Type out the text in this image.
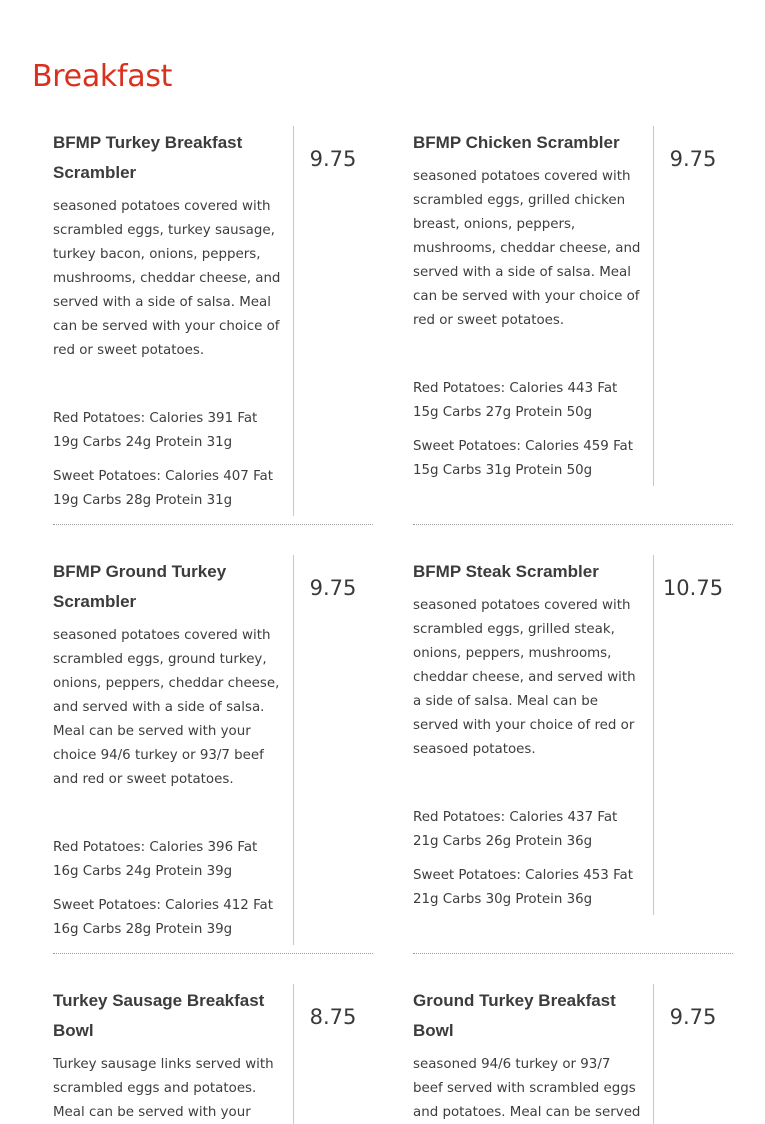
Breakfast
BFMP Turkey Breakfast Scrambler

seasoned potatoes covered with scrambled eggs, turkey sausage, turkey bacon, onions, peppers, mushrooms, cheddar cheese, and served with a side of salsa. Meal can be served with your choice of red or sweet potatoes.

Red Potatoes: Calories 391 Fat 19g Carbs 24g Protein 31g

Sweet Potatoes: Calories 407 Fat 19g Carbs 28g Protein 31g

9.75
BFMP Chicken Scrambler

seasoned potatoes covered with scrambled eggs, grilled chicken breast, onions, peppers, mushrooms, cheddar cheese, and served with a side of salsa. Meal can be served with your choice of red or sweet potatoes.

Red Potatoes: Calories 443 Fat 15g Carbs 27g Protein 50g

Sweet Potatoes: Calories 459 Fat 15g Carbs 31g Protein 50g

9.75
BFMP Ground Turkey Scrambler

seasoned potatoes covered with scrambled eggs, ground turkey, onions, peppers, cheddar cheese, and served with a side of salsa. Meal can be served with your choice 94/6 turkey or 93/7 beef and red or sweet potatoes.

Red Potatoes: Calories 396 Fat 16g Carbs 24g Protein 39g

Sweet Potatoes: Calories 412 Fat 16g Carbs 28g Protein 39g

9.75
BFMP Steak Scrambler

seasoned potatoes covered with scrambled eggs, grilled steak, onions, peppers, mushrooms, cheddar cheese, and served with a side of salsa. Meal can be served with your choice of red or seasoed potatoes.

Red Potatoes: Calories 437 Fat 21g Carbs 26g Protein 36g

Sweet Potatoes: Calories 453 Fat 21g Carbs 30g Protein 36g

10.75
Turkey Sausage Breakfast Bowl

Turkey sausage links served with scrambled eggs and potatoes. Meal can be served with your

8.75
Ground Turkey Breakfast Bowl

seasoned 94/6 turkey or 93/7 beef served with scrambled eggs and potatoes. Meal can be served

9.75
